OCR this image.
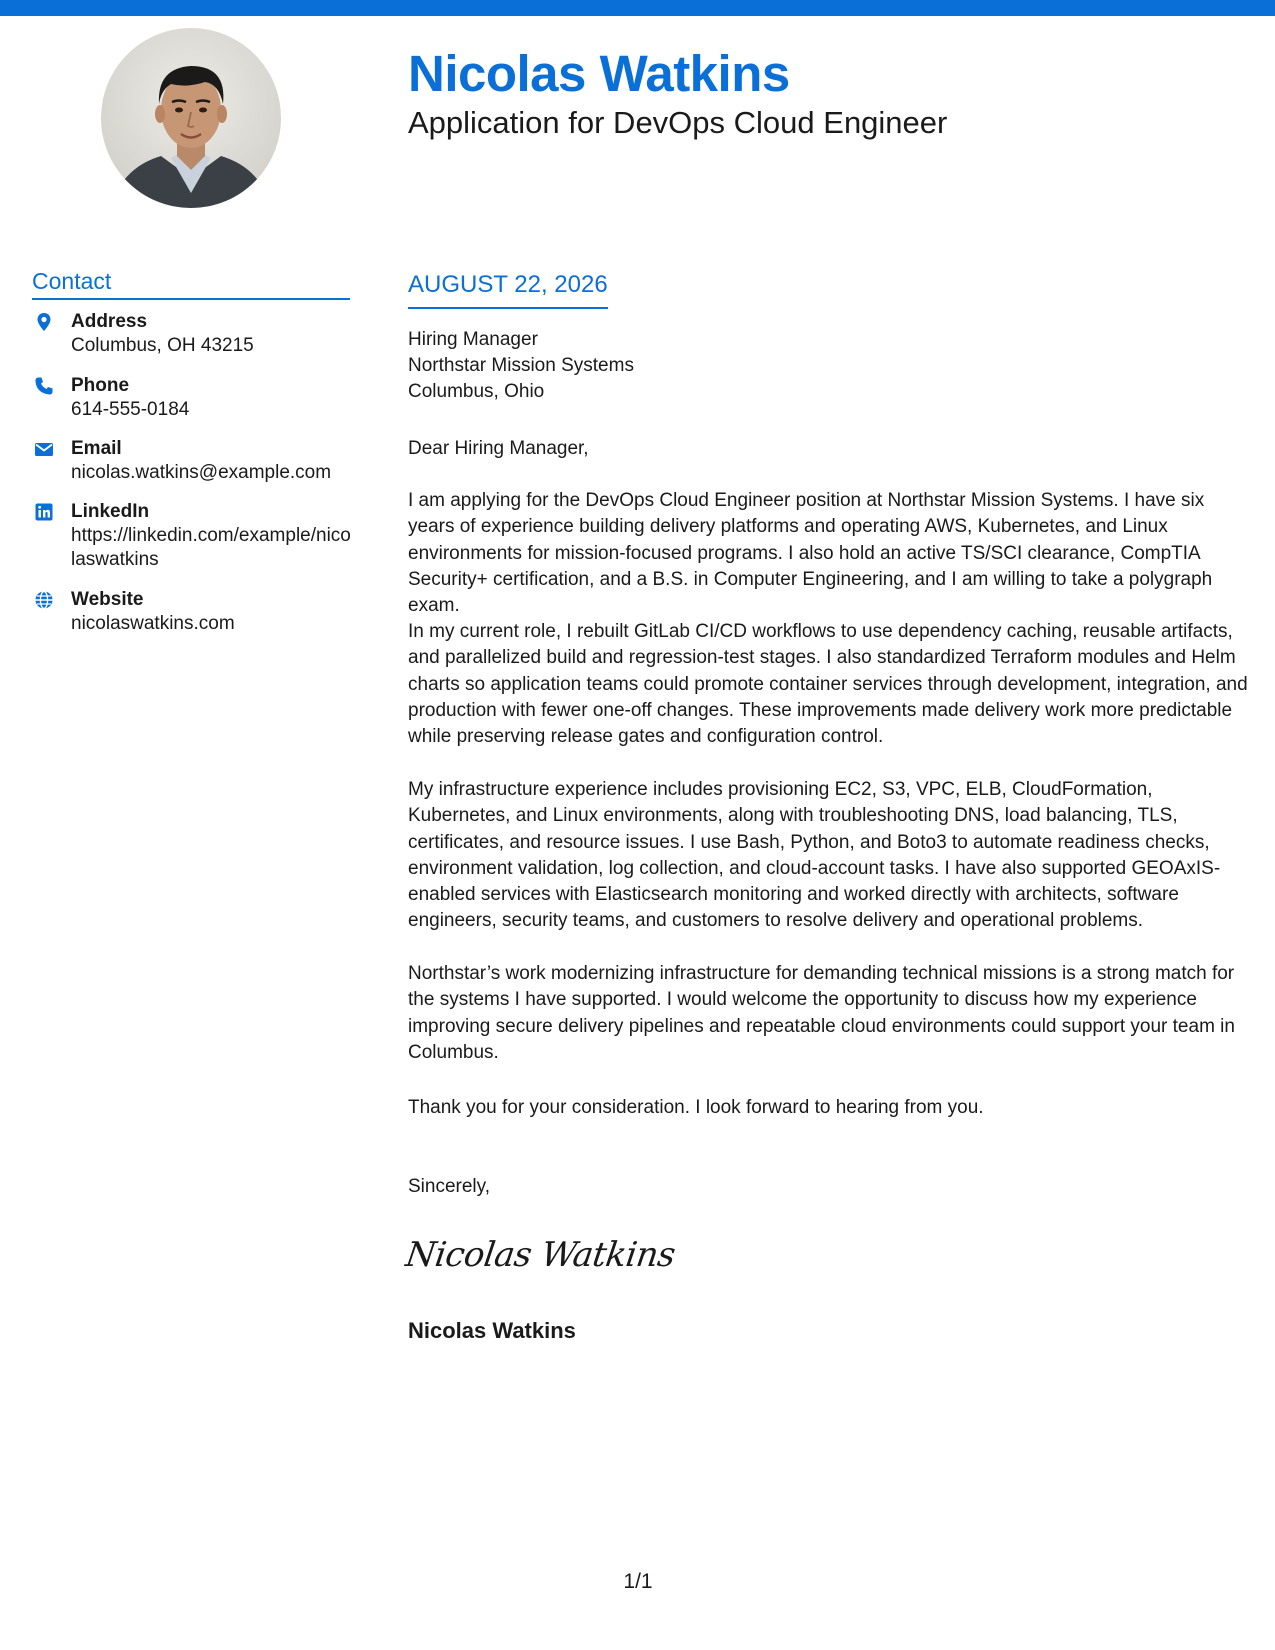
Nicolas Watkins
Application for DevOps Cloud Engineer
Contact
Address
Columbus, OH 43215
Phone
614-555-0184
Email
nicolas.watkins@example.com
LinkedIn
https://linkedin.com/example/nicolaswatkins
Website
nicolaswatkins.com
AUGUST 22, 2026
Hiring Manager
Northstar Mission Systems
Columbus, Ohio
Dear Hiring Manager,
I am applying for the DevOps Cloud Engineer position at Northstar Mission Systems. I have six years of experience building delivery platforms and operating AWS, Kubernetes, and Linux environments for mission-focused programs. I also hold an active TS/SCI clearance, CompTIA Security+ certification, and a B.S. in Computer Engineering, and I am willing to take a polygraph exam.
In my current role, I rebuilt GitLab CI/CD workflows to use dependency caching, reusable artifacts, and parallelized build and regression-test stages. I also standardized Terraform modules and Helm charts so application teams could promote container services through development, integration, and production with fewer one-off changes. These improvements made delivery work more predictable while preserving release gates and configuration control.
My infrastructure experience includes provisioning EC2, S3, VPC, ELB, CloudFormation, Kubernetes, and Linux environments, along with troubleshooting DNS, load balancing, TLS, certificates, and resource issues. I use Bash, Python, and Boto3 to automate readiness checks, environment validation, log collection, and cloud-account tasks. I have also supported GEOAxIS-enabled services with Elasticsearch monitoring and worked directly with architects, software engineers, security teams, and customers to resolve delivery and operational problems.
Northstar’s work modernizing infrastructure for demanding technical missions is a strong match for the systems I have supported. I would welcome the opportunity to discuss how my experience improving secure delivery pipelines and repeatable cloud environments could support your team in Columbus.
Thank you for your consideration. I look forward to hearing from you.
Sincerely,
Nicolas Watkins
Nicolas Watkins
1/1
